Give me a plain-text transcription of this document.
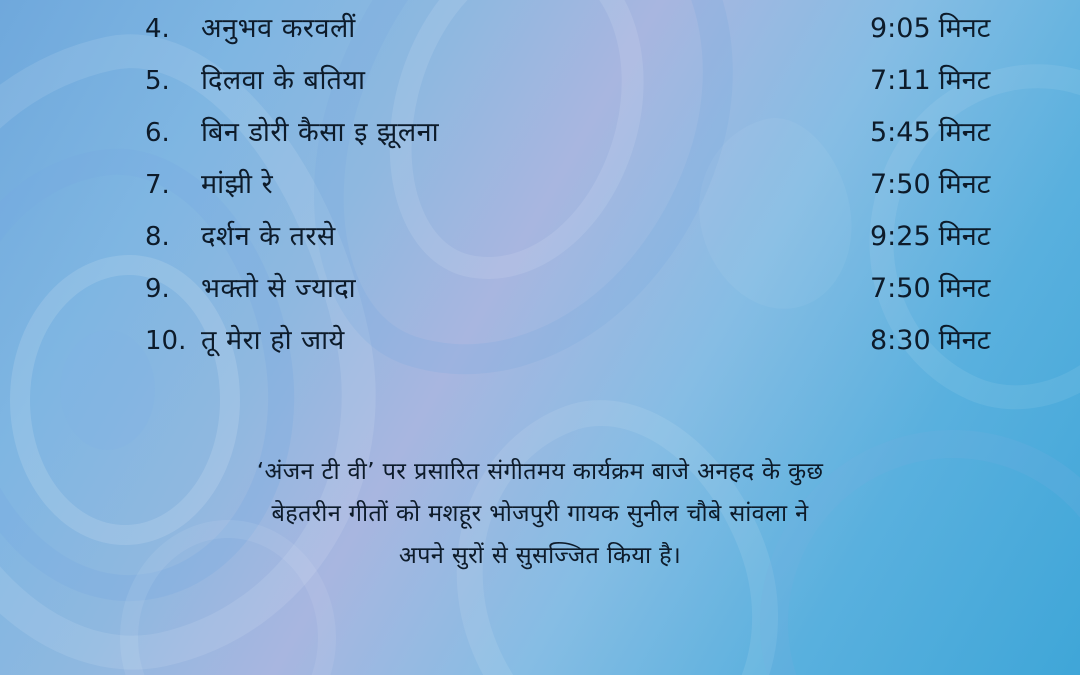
4.	अनुभव करवलीं	9:05 मिनट
5.	दिलवा के बतिया	7:11 मिनट
6.	बिन डोरी कैसा इ झूलना	5:45 मिनट
7.	मांझी रे	7:50 मिनट
8.	दर्शन के तरसे	9:25 मिनट
9.	भक्तो से ज्यादा	7:50 मिनट
10. तू मेरा हो जाये	8:30 मिनट
‘अंजन टी वी’ पर प्रसारित संगीतमय कार्यक्रम बाजे अनहद के कुछ
बेहतरीन गीतों को मशहूर भोजपुरी गायक सुनील चौबे सांवला ने
अपने सुरों से सुसज्जित किया है।
